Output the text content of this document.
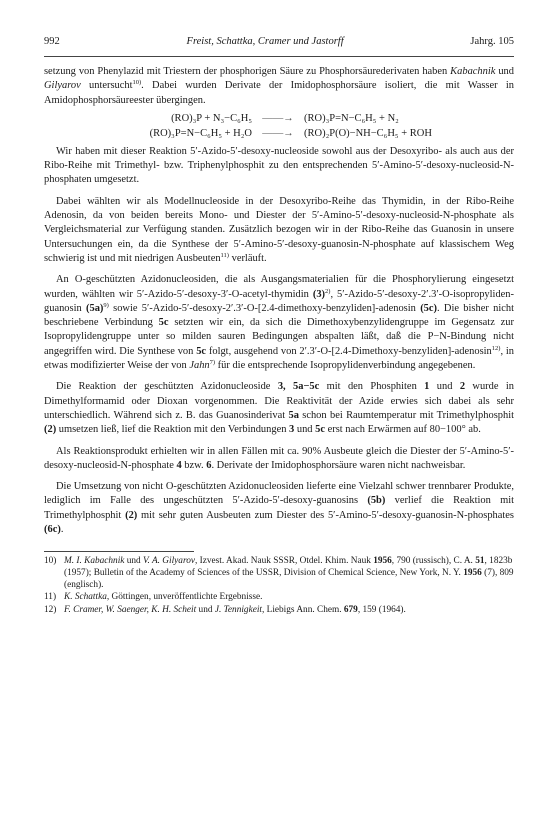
992	Freist, Schattka, Cramer und Jastorff	Jahrg. 105

setzung von Phenylazid mit Triestern der phosphorigen Säure zu Phosphorsäurederivaten haben Kabachnik und Gilyarov untersucht$^{10)}$. Dabei wurden Derivate der Imidophosphorsäure isoliert, die mit Wasser in Amidophosphorsäureester übergingen.

(RO)₃P + N₃−C₆H₅ ——→ (RO)₃P=N−C₆H₅ + N₂
(RO)₃P=N−C₆H₅ + H₂O ——→ (RO)₂P(O)−NH−C₆H₅ + ROH

Wir haben mit dieser Reaktion 5′-Azido-5′-desoxy-nucleoside sowohl aus der Desoxyribo- als auch aus der Ribo-Reihe mit Trimethyl- bzw. Triphenylphosphit zu den entsprechenden 5′-Amino-5′-desoxy-nucleosid-N-phosphaten umgesetzt.

Dabei wählten wir als Modellnucleoside in der Desoxyribo-Reihe das Thymidin, in der Ribo-Reihe Adenosin, da von beiden bereits Mono- und Diester der 5′-Amino-5′-desoxy-nucleosid-N-phosphate als Vergleichsmaterial zur Verfügung standen. Zusätzlich bezogen wir in der Ribo-Reihe das Guanosin in unsere Untersuchungen ein, da die Synthese der 5′-Amino-5′-desoxy-guanosin-N-phosphate auf klassischem Weg schwierig ist und mit niedrigen Ausbeuten$^{11)}$ verläuft.

An O-geschützten Azidonucleosiden, die als Ausgangsmaterialien für die Phosphorylierung eingesetzt wurden, wählten wir 5′-Azido-5′-desoxy-3′-O-acetyl-thymidin $(3)^{2)}$, 5′-Azido-5′-desoxy-2′.3′-O-isopropyliden-guanosin $(5a)^{9)}$ sowie 5′-Azido-5′-desoxy-2′.3′-O-[2.4-dimethoxy-benzyliden]-adenosin (5c). Die bisher nicht beschriebene Verbindung 5c setzten wir ein, da sich die Dimethoxybenzylidengruppe im Gegensatz zur Isopropylidengruppe unter so milden sauren Bedingungen abspalten läßt, daß die P−N-Bindung nicht angegriffen wird. Die Synthese von 5c folgt, ausgehend von 2′.3′-O-[2.4-Dimethoxy-benzyliden]-adenosin$^{12)}$, in etwas modifizierter Weise der von Jahn$^{7)}$ für die entsprechende Isopropylidenverbindung angegebenen.

Die Reaktion der geschützten Azidonucleoside 3, 5a−5c mit den Phosphiten 1 und 2 wurde in Dimethylformamid oder Dioxan vorgenommen. Die Reaktivität der Azide erwies sich dabei als sehr unterschiedlich. Während sich z. B. das Guanosinderivat 5a schon bei Raumtemperatur mit Trimethylphosphit (2) umsetzen ließ, lief die Reaktion mit den Verbindungen 3 und 5c erst nach Erwärmen auf 80−100° ab.

Als Reaktionsprodukt erhielten wir in allen Fällen mit ca. 90% Ausbeute gleich die Diester der 5′-Amino-5′-desoxy-nucleosid-N-phosphate 4 bzw. 6. Derivate der Imidophosphorsäure waren nicht nachweisbar.

Die Umsetzung von nicht O-geschützten Azidonucleosiden lieferte eine Vielzahl schwer trennbarer Produkte, lediglich im Falle des ungeschützten 5′-Azido-5′-desoxy-guanosins (5b) verlief die Reaktion mit Trimethylphosphit (2) mit sehr guten Ausbeuten zum Diester des 5′-Amino-5′-desoxy-guanosin-N-phosphates (6c).

10) M. I. Kabachnik und V. A. Gilyarov, Izvest. Akad. Nauk SSSR, Otdel. Khim. Nauk 1956, 790 (russisch), C. A. 51, 1823b (1957); Bulletin of the Academy of Sciences of the USSR, Division of Chemical Science, New York, N. Y. 1956 (7), 809 (englisch).
11) K. Schattka, Göttingen, unveröffentlichte Ergebnisse.
12) F. Cramer, W. Saenger, K. H. Scheit und J. Tennigkeit, Liebigs Ann. Chem. 679, 159 (1964).
